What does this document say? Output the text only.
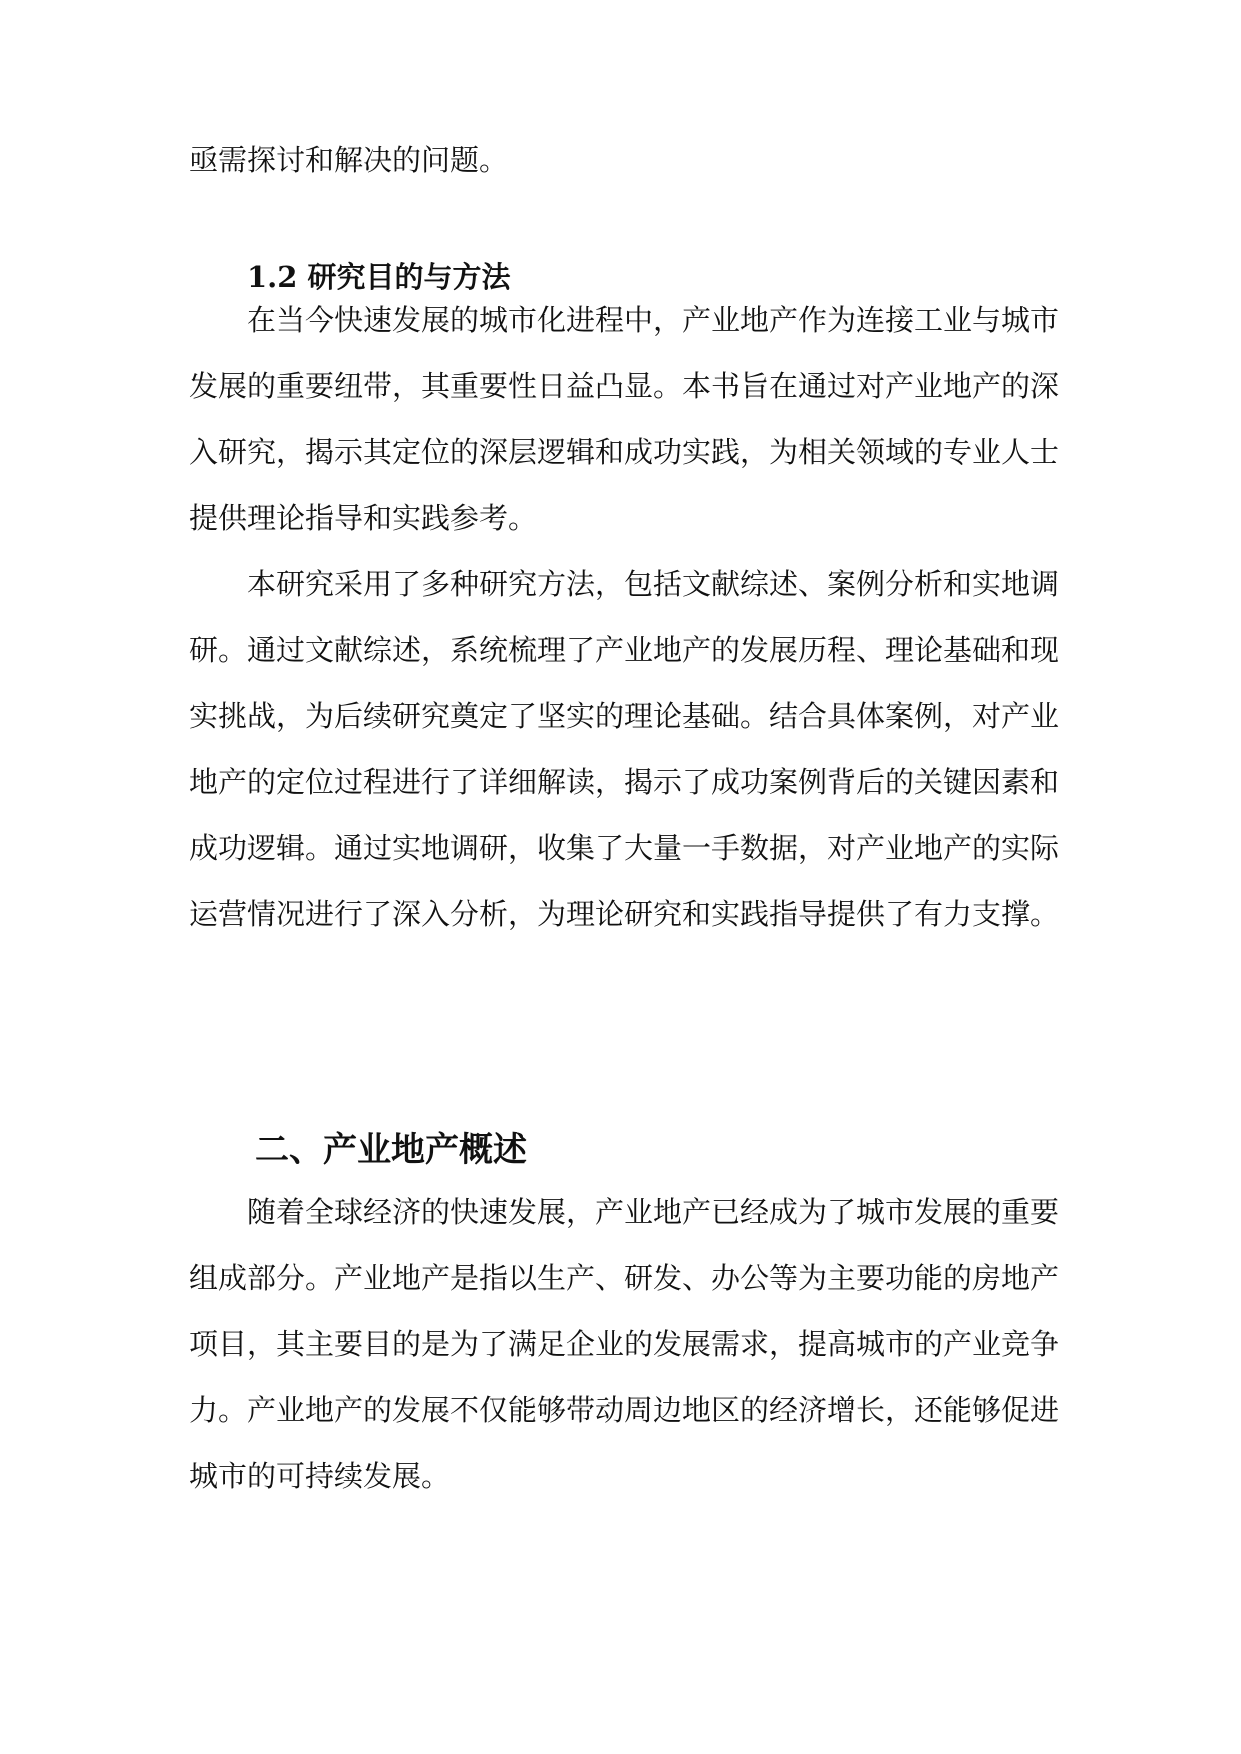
亟需探讨和解决的问题。
1.2 研究目的与方法
在当今快速发展的城市化进程中，产业地产作为连接工业与城市
发展的重要纽带，其重要性日益凸显。本书旨在通过对产业地产的深
入研究，揭示其定位的深层逻辑和成功实践，为相关领域的专业人士
提供理论指导和实践参考。
本研究采用了多种研究方法，包括文献综述、案例分析和实地调
研。通过文献综述，系统梳理了产业地产的发展历程、理论基础和现
实挑战，为后续研究奠定了坚实的理论基础。结合具体案例，对产业
地产的定位过程进行了详细解读，揭示了成功案例背后的关键因素和
成功逻辑。通过实地调研，收集了大量一手数据，对产业地产的实际
运营情况进行了深入分析，为理论研究和实践指导提供了有力支撑。
二、产业地产概述
随着全球经济的快速发展，产业地产已经成为了城市发展的重要
组成部分。产业地产是指以生产、研发、办公等为主要功能的房地产
项目，其主要目的是为了满足企业的发展需求，提高城市的产业竞争
力。产业地产的发展不仅能够带动周边地区的经济增长，还能够促进
城市的可持续发展。
